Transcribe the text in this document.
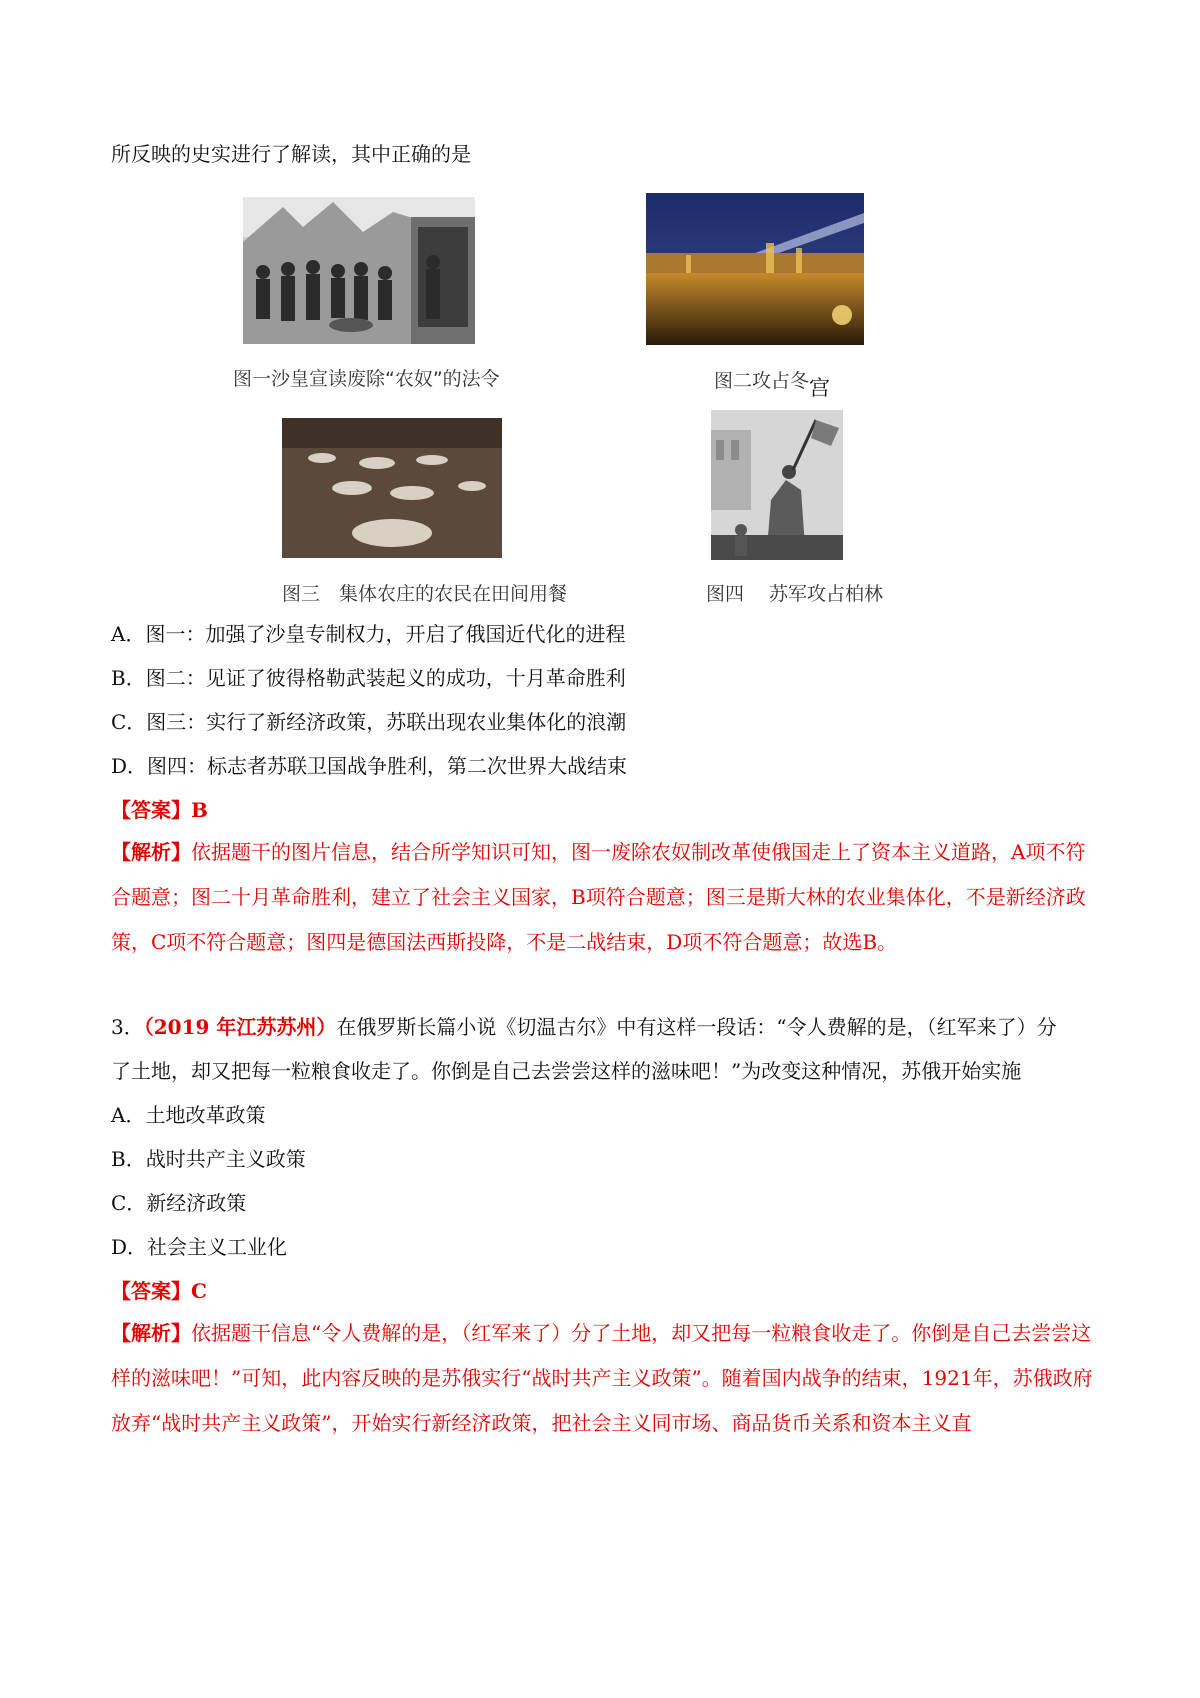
所反映的史实进行了解读，其中正确的是
图一沙皇宣读废除“农奴”的法令	图二攻占冬宫
图三　集体农庄的农民在田间用餐	图四　 苏军攻占柏林
A．图一：加强了沙皇专制权力，开启了俄国近代化的进程
B．图二：见证了彼得格勒武装起义的成功，十月革命胜利
C．图三：实行了新经济政策，苏联出现农业集体化的浪潮
D．图四：标志者苏联卫国战争胜利，第二次世界大战结束
【答案】B
【解析】依据题干的图片信息，结合所学知识可知，图一废除农奴制改革使俄国走上了资本主义道路，A项不符合题意；图二十月革命胜利，建立了社会主义国家，B项符合题意；图三是斯大林的农业集体化，不是新经济政策，C项不符合题意；图四是德国法西斯投降，不是二战结束，D项不符合题意；故选B。
3．（2019 年江苏苏州）在俄罗斯长篇小说《切温古尔》中有这样一段话：“令人费解的是，（红军来了）分
了土地，却又把每一粒粮食收走了。你倒是自己去尝尝这样的滋味吧！”为改变这种情况，苏俄开始实施
A．土地改革政策
B．战时共产主义政策
C．新经济政策
D．社会主义工业化
【答案】C
【解析】依据题干信息“令人费解的是，（红军来了）分了土地，却又把每一粒粮食收走了。你倒是自己去尝尝这样的滋味吧！”可知，此内容反映的是苏俄实行“战时共产主义政策”。随着国内战争的结束，1921年，苏俄政府放弃“战时共产主义政策”，开始实行新经济政策，把社会主义同市场、商品货币关系和资本主义直
